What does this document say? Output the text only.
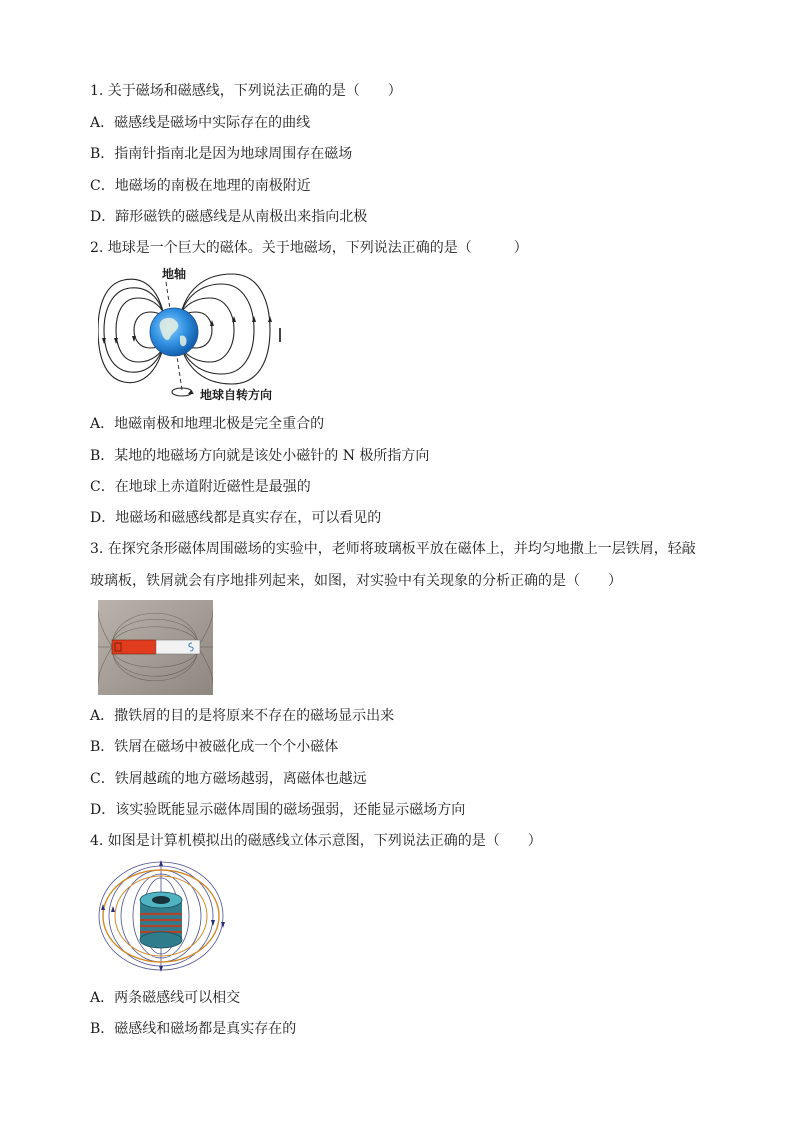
1. 关于磁场和磁感线，下列说法正确的是（　　）
A．磁感线是磁场中实际存在的曲线
B．指南针指南北是因为地球周围存在磁场
C．地磁场的南极在地理的南极附近
D．蹄形磁铁的磁感线是从南极出来指向北极
2. 地球是一个巨大的磁体。关于地磁场，下列说法正确的是（　　　）
地轴
地球自转方向
A．地磁南极和地理北极是完全重合的
B．某地的地磁场方向就是该处小磁针的 N 极所指方向
C．在地球上赤道附近磁性是最强的
D．地磁场和磁感线都是真实存在，可以看见的
3. 在探究条形磁体周围磁场的实验中，老师将玻璃板平放在磁体上，并均匀地撒上一层铁屑，轻敲
玻璃板，铁屑就会有序地排列起来，如图，对实验中有关现象的分析正确的是（　　）
A．撒铁屑的目的是将原来不存在的磁场显示出来
B．铁屑在磁场中被磁化成一个个小磁体
C．铁屑越疏的地方磁场越弱，离磁体也越远
D．该实验既能显示磁体周围的磁场强弱，还能显示磁场方向
4. 如图是计算机模拟出的磁感线立体示意图，下列说法正确的是（　　）
A．两条磁感线可以相交
B．磁感线和磁场都是真实存在的
